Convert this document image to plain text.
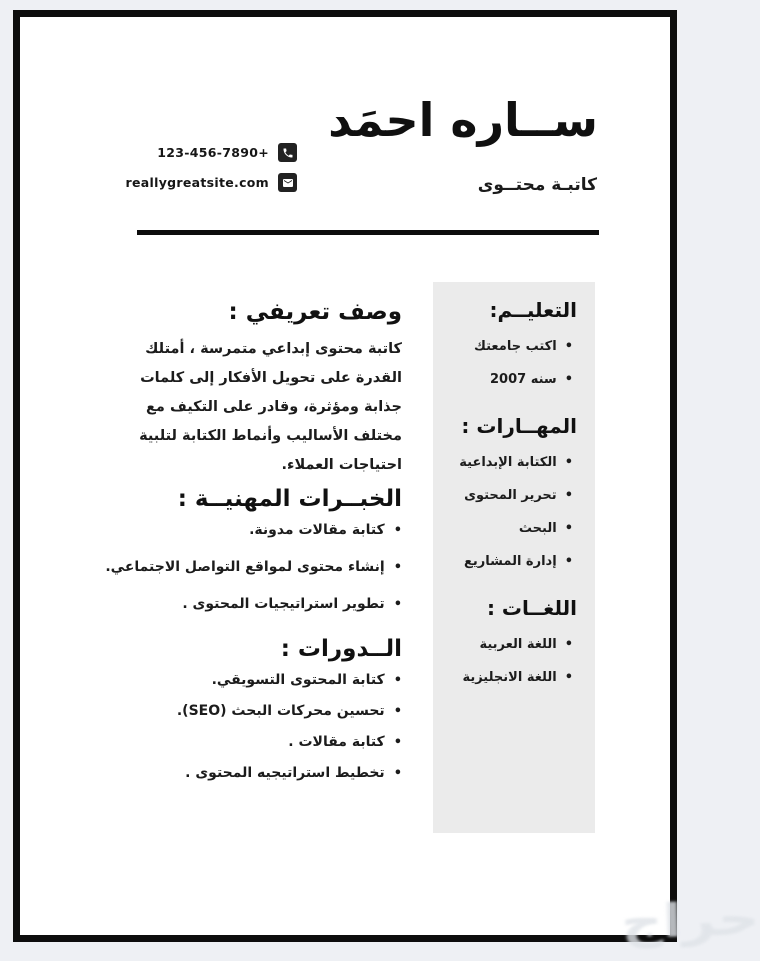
ســاره احمَد
كاتبـة محتــوى
123-456-7890+
reallygreatsite.com
وصف تعريفي :

كاتبة محتوى إبداعي متمرسة ، أمتلك القدرة على تحويل الأفكار إلى كلمات جذابة ومؤثرة، وقادر على التكيف مع مختلف الأساليب وأنماط الكتابة لتلبية احتياجات العملاء.

الخبــرات المهنيــة :
•
كتابة مقالات مدونة.
•
إنشاء محتوى لمواقع التواصل الاجتماعي.
•
تطوير استراتيجيات المحتوى .
الــدورات :
•
كتابة المحتوى التسويقي.
•
تحسين محركات البحث (SEO).
•
كتابة مقالات .
•
تخطيط استراتيجيه المحتوى .
التعليــم:
•
اكتب جامعتك
•
سنه 2007
المهــارات :
•
الكتابة الإبداعية
•
تحرير المحتوى
•
البحث
•
إدارة المشاريع
اللغــات :
•
اللغة العربية
•
اللغة الانجليزية
حراج
